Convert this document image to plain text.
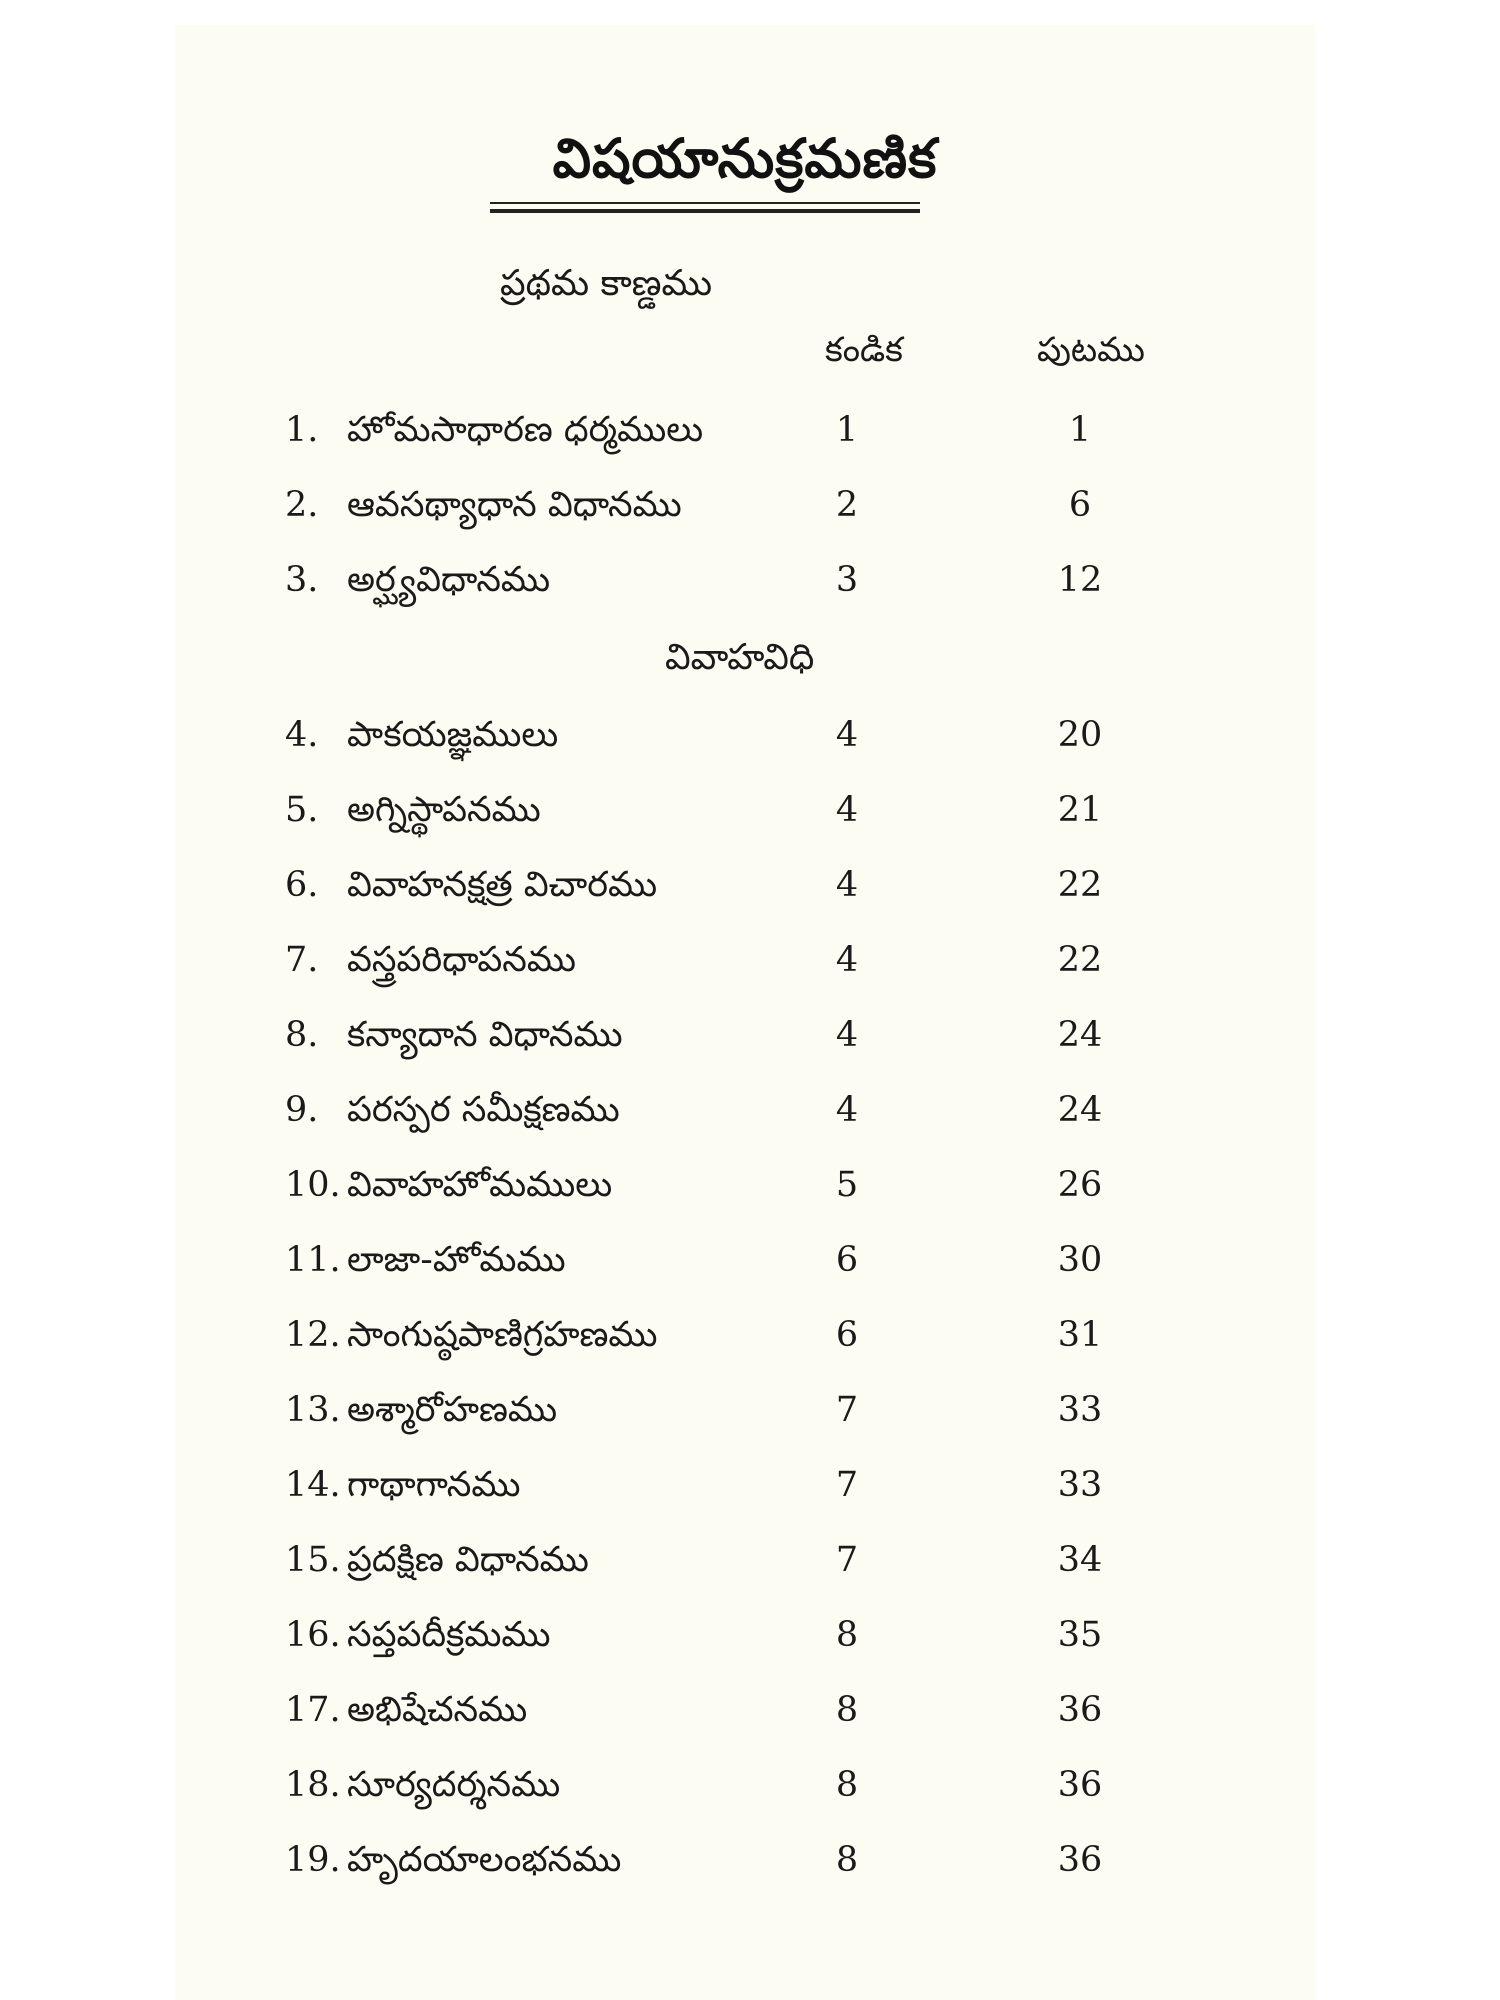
విషయానుక్రమణిక
ప్రథమ కాణ్డము
కండిక	పుటము
1. హోమసాధారణ ధర్మములు	1	1
2. ఆవసథ్యాధాన విధానము	2	6
3. అర్ఘ్యవిధానము	3	12
వివాహవిధి
4. పాకయజ్ఞములు	4	20
5. అగ్నిస్థాపనము	4	21
6. వివాహనక్షత్ర విచారము	4	22
7. వస్త్రపరిధాపనము	4	22
8. కన్యాదాన విధానము	4	24
9. పరస్పర సమీక్షణము	4	24
10. వివాహహోమములు	5	26
11. లాజా-హోమము	6	30
12. సాంగుష్ఠపాణిగ్రహణము	6	31
13. అశ్మారోహణము	7	33
14. గాథాగానము	7	33
15. ప్రదక్షిణ విధానము	7	34
16. సప్తపదీక్రమము	8	35
17. అభిషేచనము	8	36
18. సూర్యదర్శనము	8	36
19. హృదయాలంభనము	8	36
